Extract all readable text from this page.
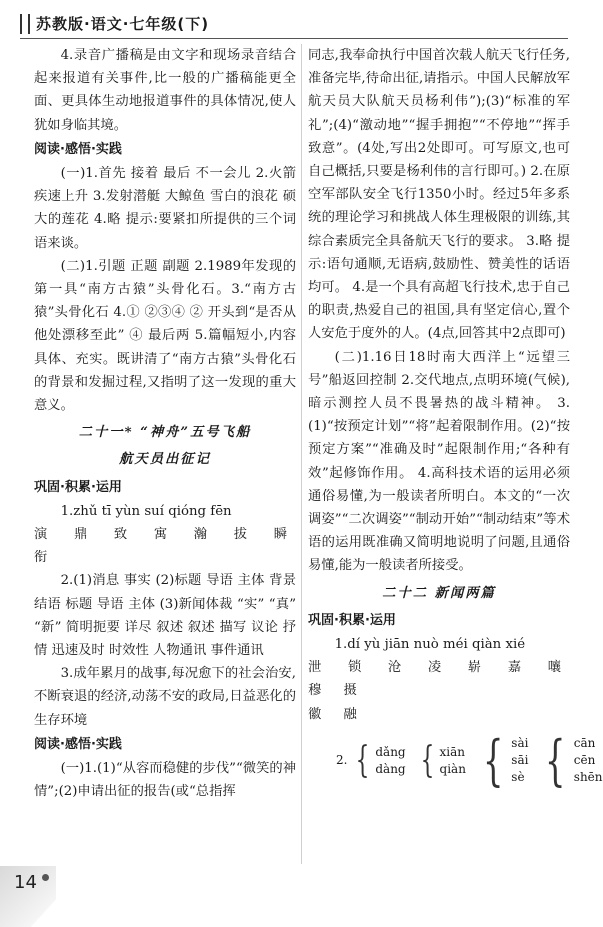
苏教版·语文·七年级(下)

4.录音广播稿是由文字和现场录音结合起来报道有关事件,比一般的广播稿能更全面、更具体生动地报道事件的具体情况,使人犹如身临其境。

阅读·感悟·实践

(一)1.首先 接着 最后 不一会儿 2.火箭疾速上升 3.发射潜艇 大鲸鱼 雪白的浪花 硕大的莲花 4.略 提示:要紧扣所提供的三个词语来谈。

(二)1.引题 正题 副题 2.1989年发现的第一具“南方古猿”头骨化石。3.“南方古猿”头骨化石 4.① ②③④ ② 开头到“是否从他处漂移至此” ④ 最后两 5.篇幅短小,内容具体、充实。既讲清了“南方古猿”头骨化石的背景和发掘过程,又指明了这一发现的重大意义。

二十一* “神舟”五号飞船
航天员出征记
巩固·积累·运用

1.zhǔ tī yùn suí qióng fēn

演 鼎 致 寓 瀚 拔 瞬 衔

2.(1)消息 事实 (2)标题 导语 主体 背景 结语 标题 导语 主体 (3)新闻体裁 “实” “真” “新” 简明扼要 详尽 叙述 叙述 描写 议论 抒情 迅速及时 时效性 人物通讯 事件通讯

3.成年累月的战事,每况愈下的社会治安,不断衰退的经济,动荡不安的政局,日益恶化的生存环境

阅读·感悟·实践

(一)1.(1)“从容而稳健的步伐”“微笑的神情”;(2)申请出征的报告(或“总指挥

同志,我奉命执行中国首次载人航天飞行任务,准备完毕,待命出征,请指示。中国人民解放军航天员大队航天员杨利伟”);(3)“标准的军礼”;(4)“激动地”“握手拥抱”“不停地”“挥手致意”。(4处,写出2处即可。可写原文,也可自己概括,只要是杨利伟的言行即可。) 2.在原空军部队安全飞行1350小时。经过5年多系统的理论学习和挑战人体生理极限的训练,其综合素质完全具备航天飞行的要求。 3.略 提示:语句通顺,无语病,鼓励性、赞美性的话语均可。 4.是一个具有高超飞行技术,忠于自己的职责,热爱自己的祖国,具有坚定信心,置个人安危于度外的人。(4点,回答其中2点即可)

(二)1.16日18时南大西洋上“远望三号”船返回控制 2.交代地点,点明环境(气候),暗示测控人员不畏暑热的战斗精神。 3.(1)“按预定计划”“将”起着限制作用。(2)“按预定方案”“准确及时”起限制作用;“各种有效”起修饰作用。 4.高科技术语的运用必须通俗易懂,为一般读者所明白。本文的“一次调姿”“二次调姿”“制动开始”“制动结束”等术语的运用既准确又简明地说明了问题,且通俗易懂,能为一般读者所接受。

二十二 新闻两篇
巩固·积累·运用

1.dí yù jiān nuò méi qiàn xié

泄 锁 沧 凌 崭 嘉 嚷 穆 摄

徽 融

2. { dǎng
dàng { xiān
qiàn { sài
sāi
sè { cān
cēn
shēn
14
